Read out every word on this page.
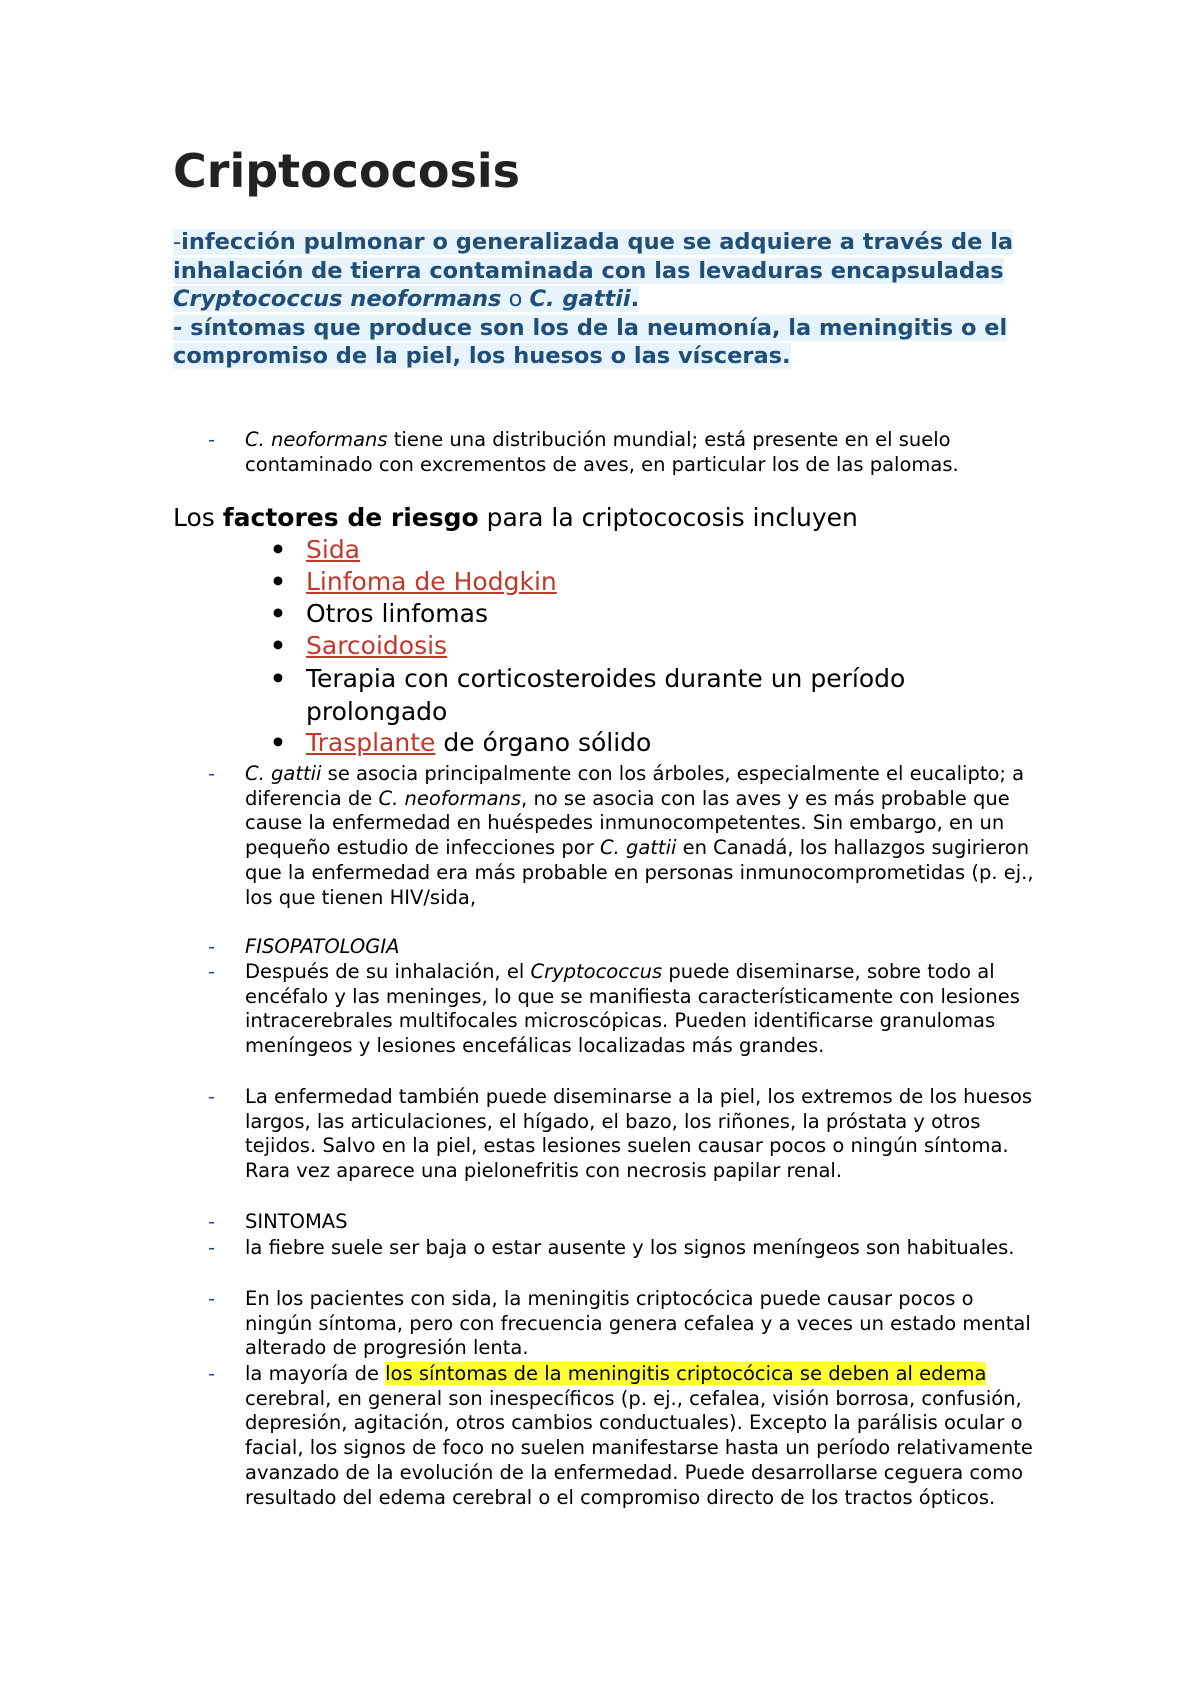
Criptococosis

-infección pulmonar o generalizada que se adquiere a través de la inhalación de tierra contaminada con las levaduras encapsuladas Cryptococcus neoformans o C. gattii.
- síntomas que produce son los de la neumonía, la meningitis o el compromiso de la piel, los huesos o las vísceras.

- C. neoformans tiene una distribución mundial; está presente en el suelo contaminado con excrementos de aves, en particular los de las palomas.

Los factores de riesgo para la criptococosis incluyen

• Sida

• Linfoma de Hodgkin

• Otros linfomas

• Sarcoidosis

• Terapia con corticosteroides durante un período prolongado

• Trasplante de órgano sólido

- C. gattii se asocia principalmente con los árboles, especialmente el eucalipto; a diferencia de C. neoformans, no se asocia con las aves y es más probable que cause la enfermedad en huéspedes inmunocompetentes. Sin embargo, en un pequeño estudio de infecciones por C. gattii en Canadá, los hallazgos sugirieron que la enfermedad era más probable en personas inmunocomprometidas (p. ej., los que tienen HIV/sida,

- FISOPATOLOGIA

- Después de su inhalación, el Cryptococcus puede diseminarse, sobre todo al encéfalo y las meninges, lo que se manifiesta característicamente con lesiones intracerebrales multifocales microscópicas. Pueden identificarse granulomas meníngeos y lesiones encefálicas localizadas más grandes.

- La enfermedad también puede diseminarse a la piel, los extremos de los huesos largos, las articulaciones, el hígado, el bazo, los riñones, la próstata y otros tejidos. Salvo en la piel, estas lesiones suelen causar pocos o ningún síntoma. Rara vez aparece una pielonefritis con necrosis papilar renal.

- SINTOMAS

- la fiebre suele ser baja o estar ausente y los signos meníngeos son habituales.

- En los pacientes con sida, la meningitis criptocócica puede causar pocos o ningún síntoma, pero con frecuencia genera cefalea y a veces un estado mental alterado de progresión lenta.

- la mayoría de los síntomas de la meningitis criptocócica se deben al edema cerebral, en general son inespecíficos (p. ej., cefalea, visión borrosa, confusión, depresión, agitación, otros cambios conductuales). Excepto la parálisis ocular o facial, los signos de foco no suelen manifestarse hasta un período relativamente avanzado de la evolución de la enfermedad. Puede desarrollarse ceguera como resultado del edema cerebral o el compromiso directo de los tractos ópticos.
